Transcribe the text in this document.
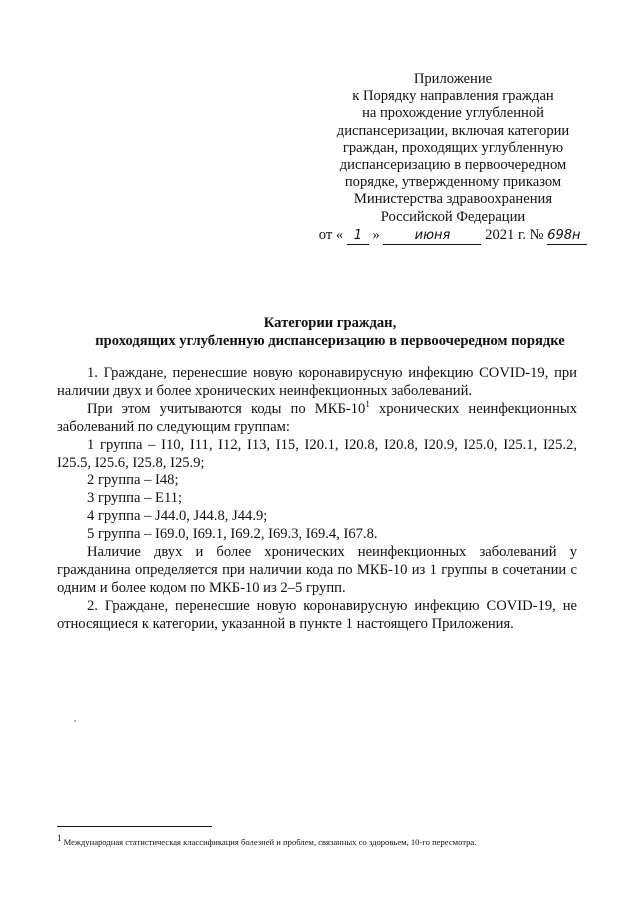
Приложение
к Порядку направления граждан
на прохождение углубленной
диспансеризации, включая категории
граждан, проходящих углубленную
диспансеризацию в первоочередном
порядке, утвержденному приказом
Министерства здравоохранения
Российской Федерации
от « 1 »	июня 2021 г. № 698н
Категории граждан,
проходящих углубленную диспансеризацию в первоочередном порядке

1. Граждане, перенесшие новую коронавирусную инфекцию COVID-19, при наличии двух и более хронических неинфекционных заболеваний.

При этом учитываются коды по МКБ-$10^1$ хронических неинфекционных заболеваний по следующим группам:

1 группа – I10, I11, I12, I13, I15, I20.1, I20.8, I20.8, I20.9, I25.0, I25.1, I25.2, I25.5, I25.6, I25.8, I25.9;

2 группа – I48;

3 группа – E11;

4 группа – J44.0, J44.8, J44.9;

5 группа – I69.0, I69.1, I69.2, I69.3, I69.4, I67.8.

Наличие двух и более хронических неинфекционных заболеваний у гражданина определяется при наличии кода по МКБ-10 из 1 группы в сочетании с одним и более кодом по МКБ-10 из 2–5 групп.

2. Граждане, перенесшие новую коронавирусную инфекцию COVID-19, не относящиеся к категории, указанной в пункте 1 настоящего Приложения.

1 Международная статистическая классификация болезней и проблем, связанных со здоровьем, 10-го пересмотра.
